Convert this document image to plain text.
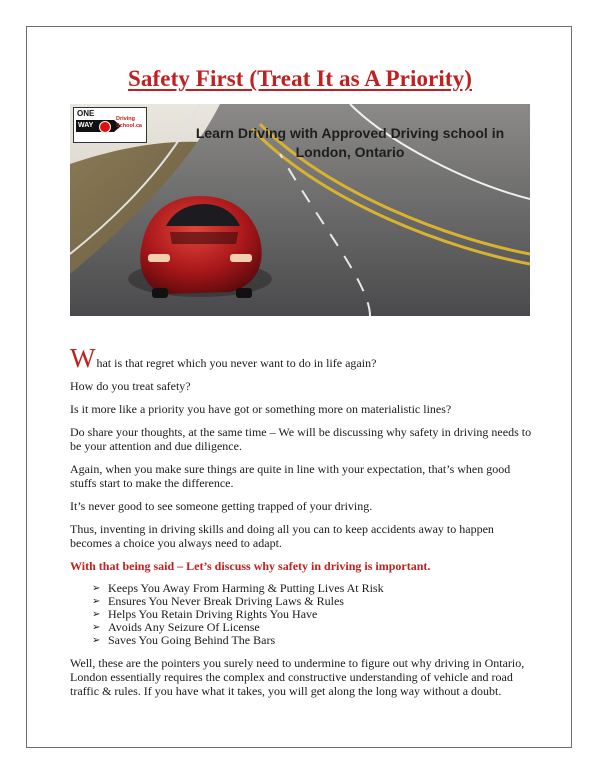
Safety First (Treat It as A Priority)
ONE
WAY
Driving School.ca	Learn Driving with Approved Driving school in London, Ontario

What is that regret which you never want to do in life again?

How do you treat safety?

Is it more like a priority you have got or something more on materialistic lines?

Do share your thoughts, at the same time – We will be discussing why safety in driving needs to be your attention and due diligence.

Again, when you make sure things are quite in line with your expectation, that’s when good stuffs start to make the difference.

It’s never good to see someone getting trapped of your driving.

Thus, inventing in driving skills and doing all you can to keep accidents away to happen becomes a choice you always need to adapt.

With that being said – Let’s discuss why safety in driving is important.

➢ Keeps You Away From Harming & Putting Lives At Risk
➢ Ensures You Never Break Driving Laws & Rules
➢ Helps You Retain Driving Rights You Have
➢ Avoids Any Seizure Of License
➢ Saves You Going Behind The Bars

Well, these are the pointers you surely need to undermine to figure out why driving in Ontario, London essentially requires the complex and constructive understanding of vehicle and road traffic & rules. If you have what it takes, you will get along the long way without a doubt.
